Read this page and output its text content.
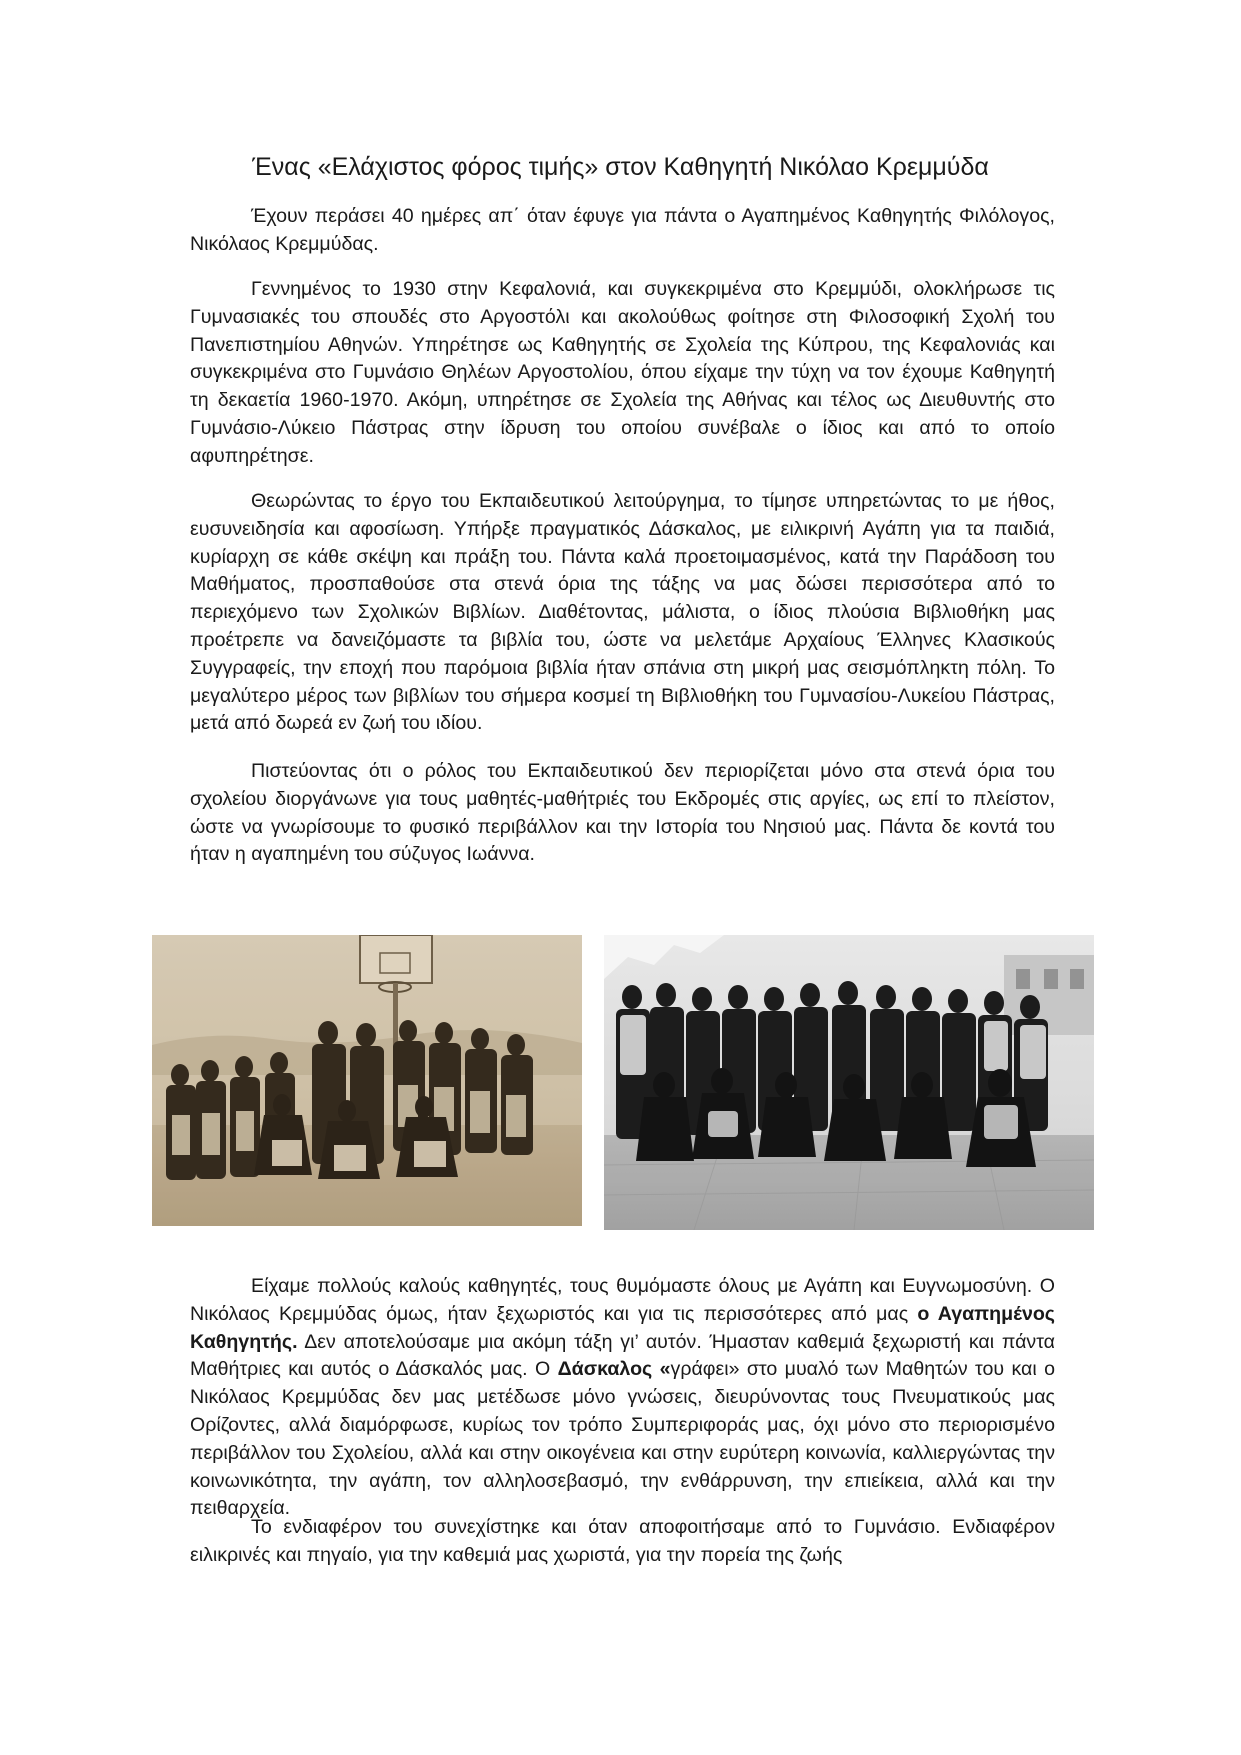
Ένας «Ελάχιστος φόρος τιμής» στον Καθηγητή Νικόλαο Κρεμμύδα

Έχουν περάσει 40 ημέρες απ΄ όταν έφυγε για πάντα ο Αγαπημένος Καθηγητής Φιλόλογος, Νικόλαος Κρεμμύδας.

Γεννημένος το 1930 στην Κεφαλονιά, και συγκεκριμένα στο Κρεμμύδι, ολοκλήρωσε τις Γυμνασιακές του σπουδές στο Αργοστόλι και ακολούθως φοίτησε στη Φιλοσοφική Σχολή του Πανεπιστημίου Αθηνών. Υπηρέτησε ως Καθηγητής σε Σχολεία της Κύπρου, της Κεφαλονιάς και συγκεκριμένα στο Γυμνάσιο Θηλέων Αργοστολίου, όπου είχαμε την τύχη να τον έχουμε Καθηγητή τη δεκαετία 1960-1970. Ακόμη, υπηρέτησε σε Σχολεία της Αθήνας και τέλος ως Διευθυντής στο Γυμνάσιο-Λύκειο Πάστρας στην ίδρυση του οποίου συνέβαλε ο ίδιος και από το οποίο αφυπηρέτησε.

Θεωρώντας το έργο του Εκπαιδευτικού λειτούργημα, το τίμησε υπηρετώντας το με ήθος, ευσυνειδησία και αφοσίωση. Υπήρξε πραγματικός Δάσκαλος, με ειλικρινή Αγάπη για τα παιδιά, κυρίαρχη σε κάθε σκέψη και πράξη του. Πάντα καλά προετοιμασμένος, κατά την Παράδοση του Μαθήματος, προσπαθούσε στα στενά όρια της τάξης να μας δώσει περισσότερα από το περιεχόμενο των Σχολικών Βιβλίων. Διαθέτοντας, μάλιστα, ο ίδιος πλούσια Βιβλιοθήκη μας προέτρεπε να δανειζόμαστε τα βιβλία του, ώστε να μελετάμε Αρχαίους Έλληνες Κλασικούς Συγγραφείς, την εποχή που παρόμοια βιβλία ήταν σπάνια στη μικρή μας σεισμόπληκτη πόλη. Το μεγαλύτερο μέρος των βιβλίων του σήμερα κοσμεί τη Βιβλιοθήκη του Γυμνασίου-Λυκείου Πάστρας, μετά από δωρεά εν ζωή του ιδίου.

Πιστεύοντας ότι ο ρόλος του Εκπαιδευτικού δεν περιορίζεται μόνο στα στενά όρια του σχολείου διοργάνωνε για τους μαθητές-μαθήτριές του Εκδρομές στις αργίες, ως επί το πλείστον, ώστε να γνωρίσουμε το φυσικό περιβάλλον και την Ιστορία του Νησιού μας. Πάντα δε κοντά του ήταν η αγαπημένη του σύζυγος Ιωάννα.

Είχαμε πολλούς καλούς καθηγητές, τους θυμόμαστε όλους με Αγάπη και Ευγνωμοσύνη. Ο Νικόλαος Κρεμμύδας όμως, ήταν ξεχωριστός και για τις περισσότερες από μας ο Αγαπημένος Καθηγητής. Δεν αποτελούσαμε μια ακόμη τάξη γι’ αυτόν. Ήμασταν καθεμιά ξεχωριστή και πάντα Μαθήτριες και αυτός ο Δάσκαλός μας. Ο Δάσκαλος «γράφει» στο μυαλό των Μαθητών του και ο Νικόλαος Κρεμμύδας δεν μας μετέδωσε μόνο γνώσεις, διευρύνοντας τους Πνευματικούς μας Ορίζοντες, αλλά διαμόρφωσε, κυρίως τον τρόπο Συμπεριφοράς μας, όχι μόνο στο περιορισμένο περιβάλλον του Σχολείου, αλλά και στην οικογένεια και στην ευρύτερη κοινωνία, καλλιεργώντας την κοινωνικότητα, την αγάπη, τον αλληλοσεβασμό, την ενθάρρυνση, την επιείκεια, αλλά και την πειθαρχεία.

Το ενδιαφέρον του συνεχίστηκε και όταν αποφοιτήσαμε από το Γυμνάσιο. Ενδιαφέρον ειλικρινές και πηγαίο, για την καθεμιά μας χωριστά, για την πορεία της ζωής
